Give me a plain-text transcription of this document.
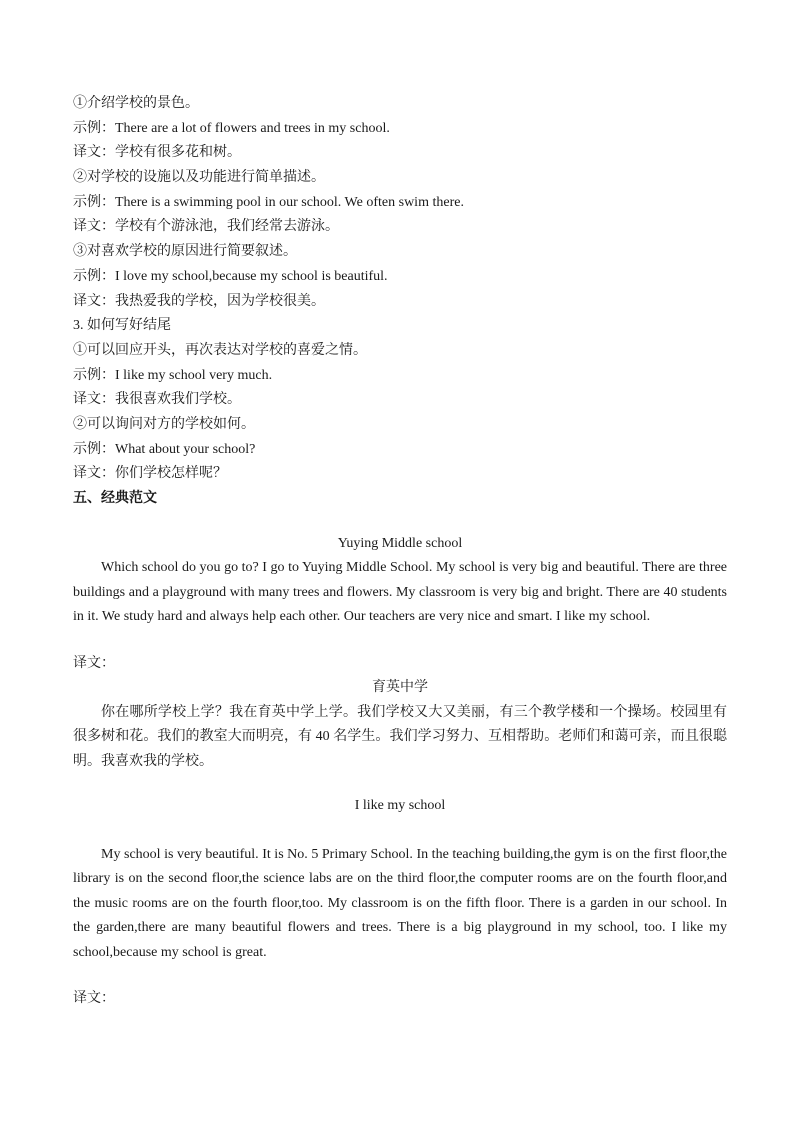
①介绍学校的景色。
示例：There are a lot of flowers and trees in my school.
译文：学校有很多花和树。
②对学校的设施以及功能进行简单描述。
示例：There is a swimming pool in our school. We often swim there.
译文：学校有个游泳池，我们经常去游泳。
③对喜欢学校的原因进行简要叙述。
示例：I love my school,because my school is beautiful.
译文：我热爱我的学校，因为学校很美。
3. 如何写好结尾
①可以回应开头，再次表达对学校的喜爱之情。
示例：I like my school very much.
译文：我很喜欢我们学校。
②可以询问对方的学校如何。
示例：What about your school?
译文：你们学校怎样呢？
五、经典范文
Yuying Middle school

Which school do you go to? I go to Yuying Middle School. My school is very big and beautiful. There are three buildings and a playground with many trees and flowers. My classroom is very big and bright. There are 40 students in it. We study hard and always help each other. Our teachers are very nice and smart. I like my school.

译文：
育英中学

你在哪所学校上学？我在育英中学上学。我们学校又大又美丽，有三个教学楼和一个操场。校园里有很多树和花。我们的教室大而明亮，有 40 名学生。我们学习努力、互相帮助。老师们和蔼可亲，而且很聪明。我喜欢我的学校。

I like my school

My school is very beautiful. It is No. 5 Primary School. In the teaching building,the gym is on the first floor,the library is on the second floor,the science labs are on the third floor,the computer rooms are on the fourth floor,and the music rooms are on the fourth floor,too. My classroom is on the fifth floor. There is a garden in our school. In the garden,there are many beautiful flowers and trees. There is a big playground in my school, too. I like my school,because my school is great.

译文：
